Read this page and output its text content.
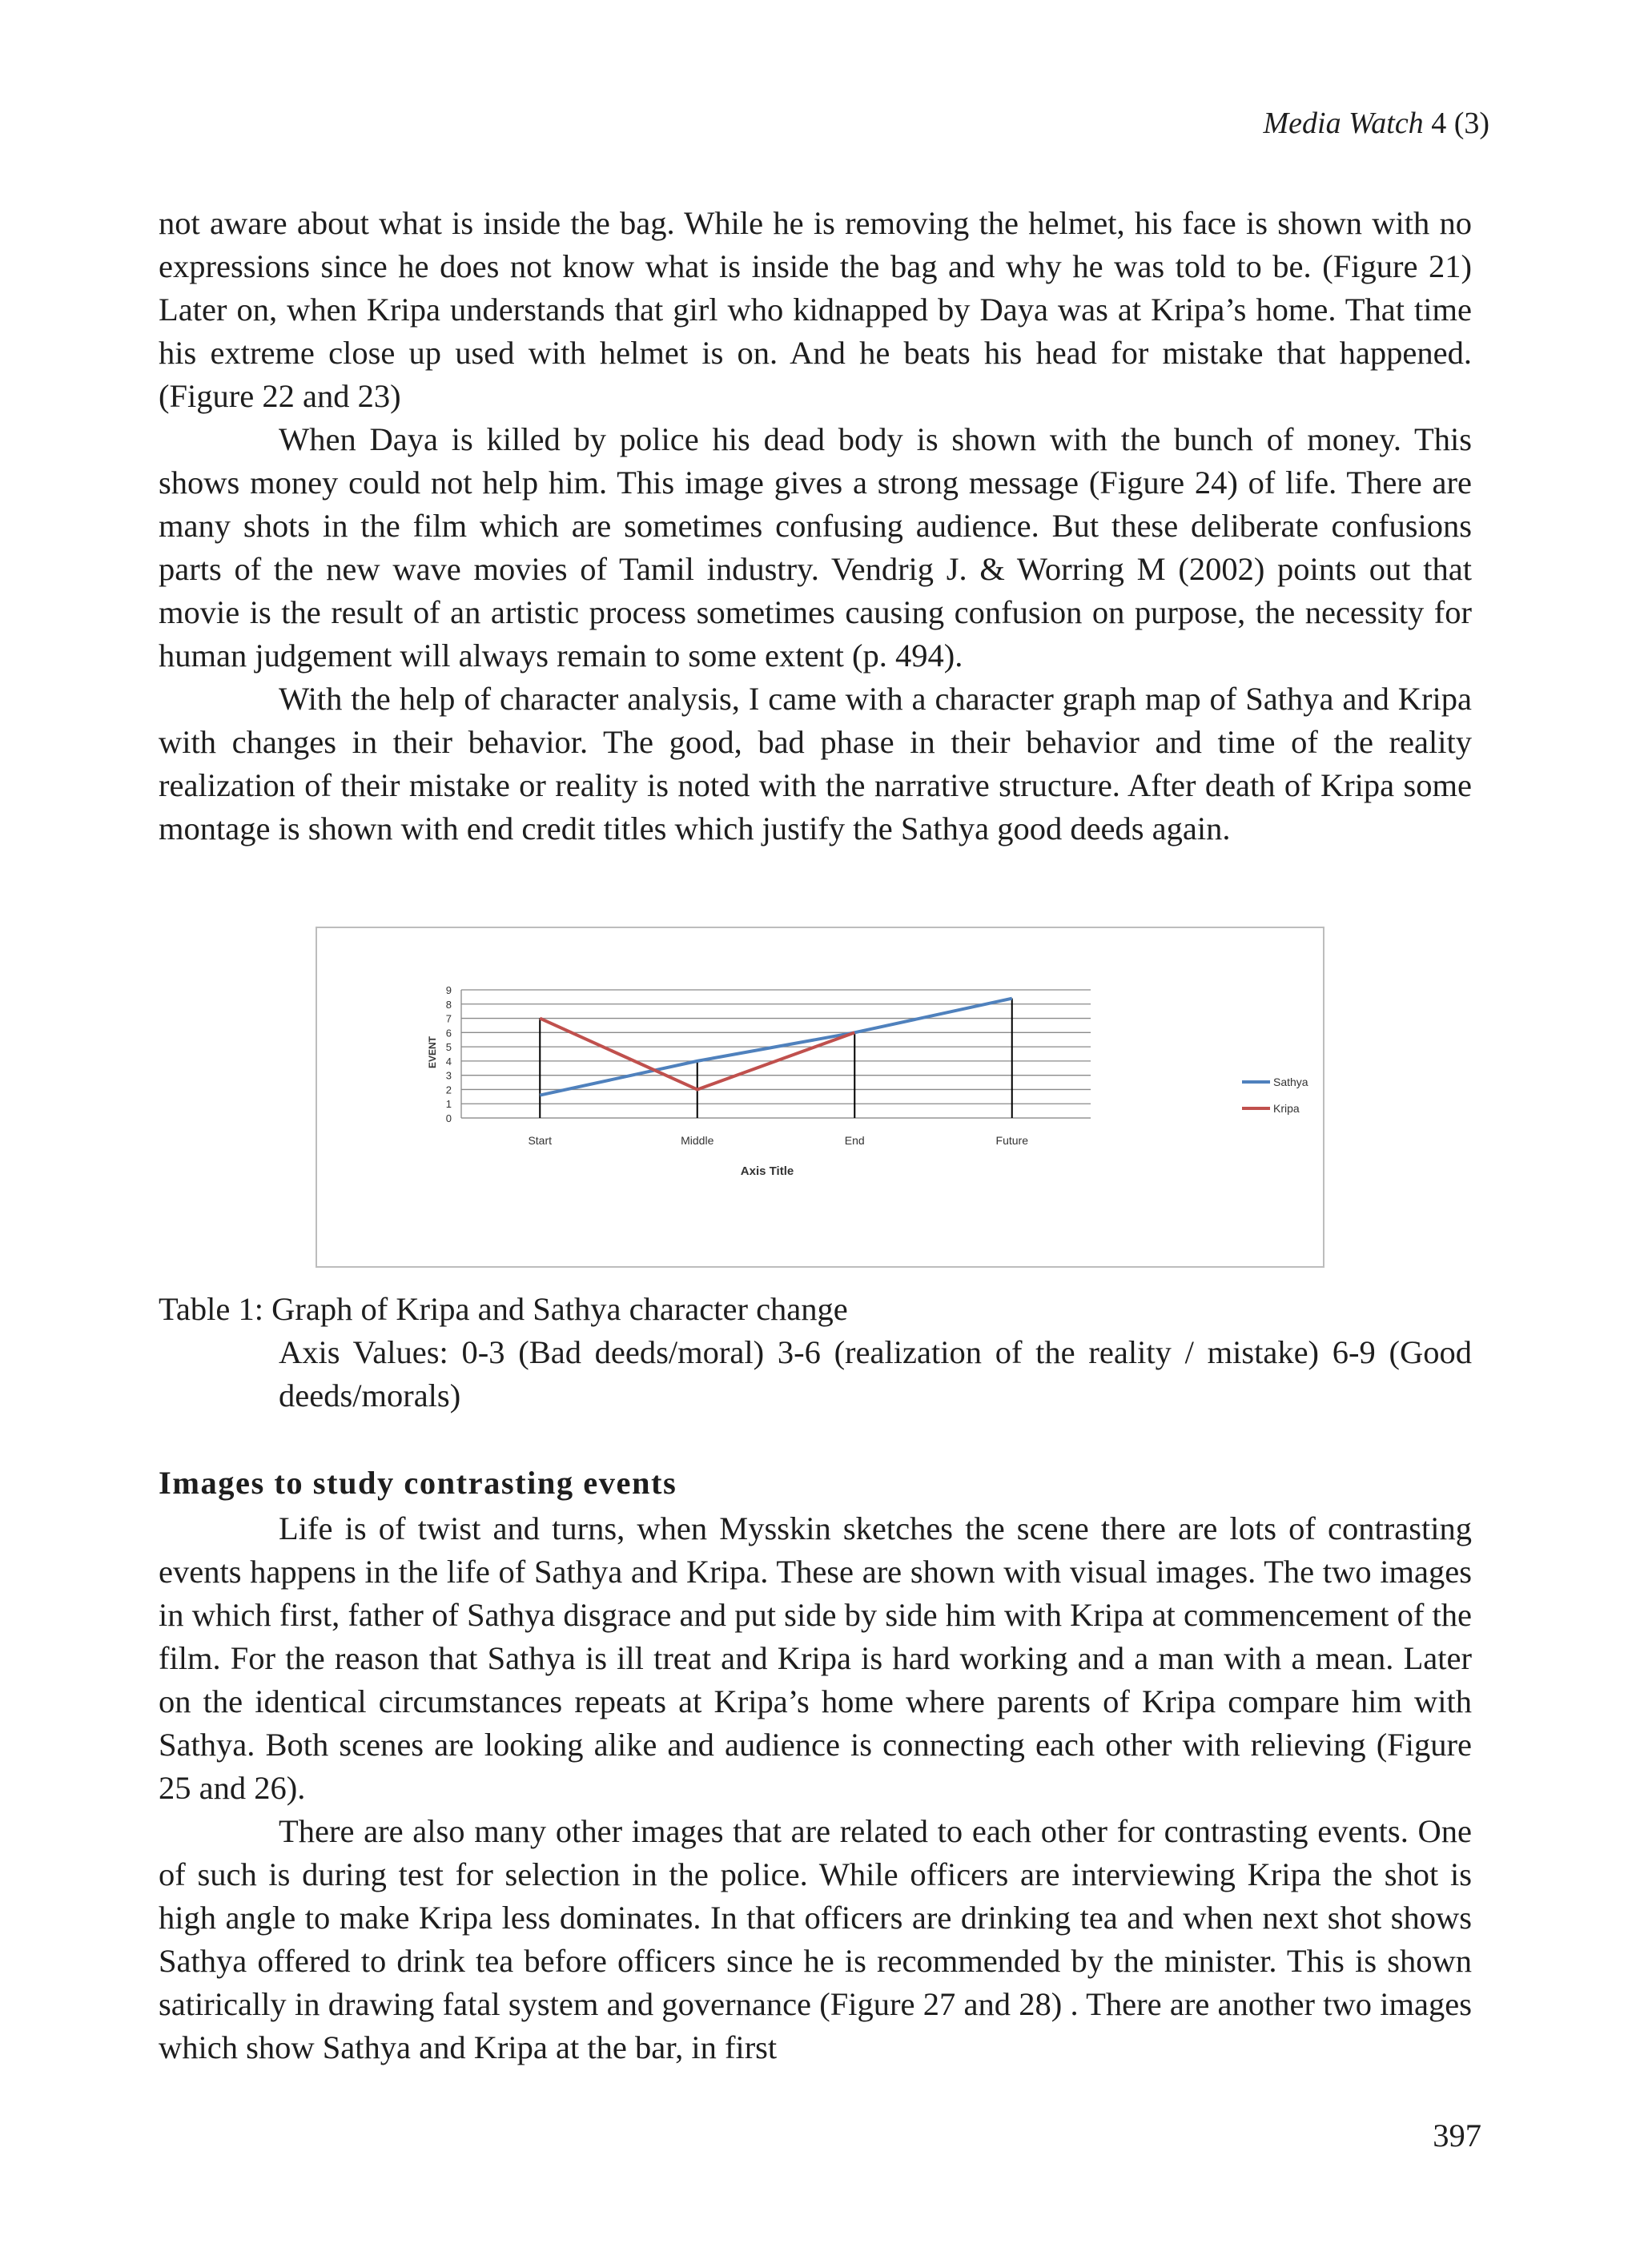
Media Watch 4 (3)

not aware about what is inside the bag. While he is removing the helmet, his face is shown with no expressions since he does not know what is inside the bag and why he was told to be. (Figure 21) Later on, when Kripa understands that girl who kidnapped by Daya was at Kripa’s home. That time his extreme close up used with helmet is on. And he beats his head for mistake that happened. (Figure 22 and 23)

When Daya is killed by police his dead body is shown with the bunch of money. This shows money could not help him. This image gives a strong message (Figure 24) of life. There are many shots in the film which are sometimes confusing audience. But these deliberate confusions parts of the new wave movies of Tamil industry. Vendrig J. & Worring M (2002) points out that movie is the result of an artistic process sometimes causing confusion on purpose, the necessity for human judgement will always remain to some extent (p. 494).

With the help of character analysis, I came with a character graph map of Sathya and Kripa with changes in their behavior. The good, bad phase in their behavior and time of the reality realization of their mistake or reality is noted with the narrative structure. After death of Kripa some montage is shown with end credit titles which justify the Sathya good deeds again.

0
1
2
3
4
5
6
7
8
9
Start	Middle	End	Future
Axis Title
EVENT
Sathya
Kripa
Table 1: Graph of Kripa and Sathya character change
Axis Values: 0-3 (Bad deeds/moral) 3-6 (realization of the reality / mistake) 6-9 (Good deeds/morals)
Images to study contrasting events

Life is of twist and turns, when Mysskin sketches the scene there are lots of contrasting events happens in the life of Sathya and Kripa. These are shown with visual images. The two images in which first, father of Sathya disgrace and put side by side him with Kripa at commencement of the film. For the reason that Sathya is ill treat and Kripa is hard working and a man with a mean. Later on the identical circumstances repeats at Kripa’s home where parents of Kripa compare him with Sathya. Both scenes are looking alike and audience is connecting each other with relieving (Figure 25 and 26).

There are also many other images that are related to each other for contrasting events. One of such is during test for selection in the police. While officers are interviewing Kripa the shot is high angle to make Kripa less dominates. In that officers are drinking tea and when next shot shows Sathya offered to drink tea before officers since he is recommended by the minister. This is shown satirically in drawing fatal system and governance (Figure 27 and 28) . There are another two images which show Sathya and Kripa at the bar, in first

397
